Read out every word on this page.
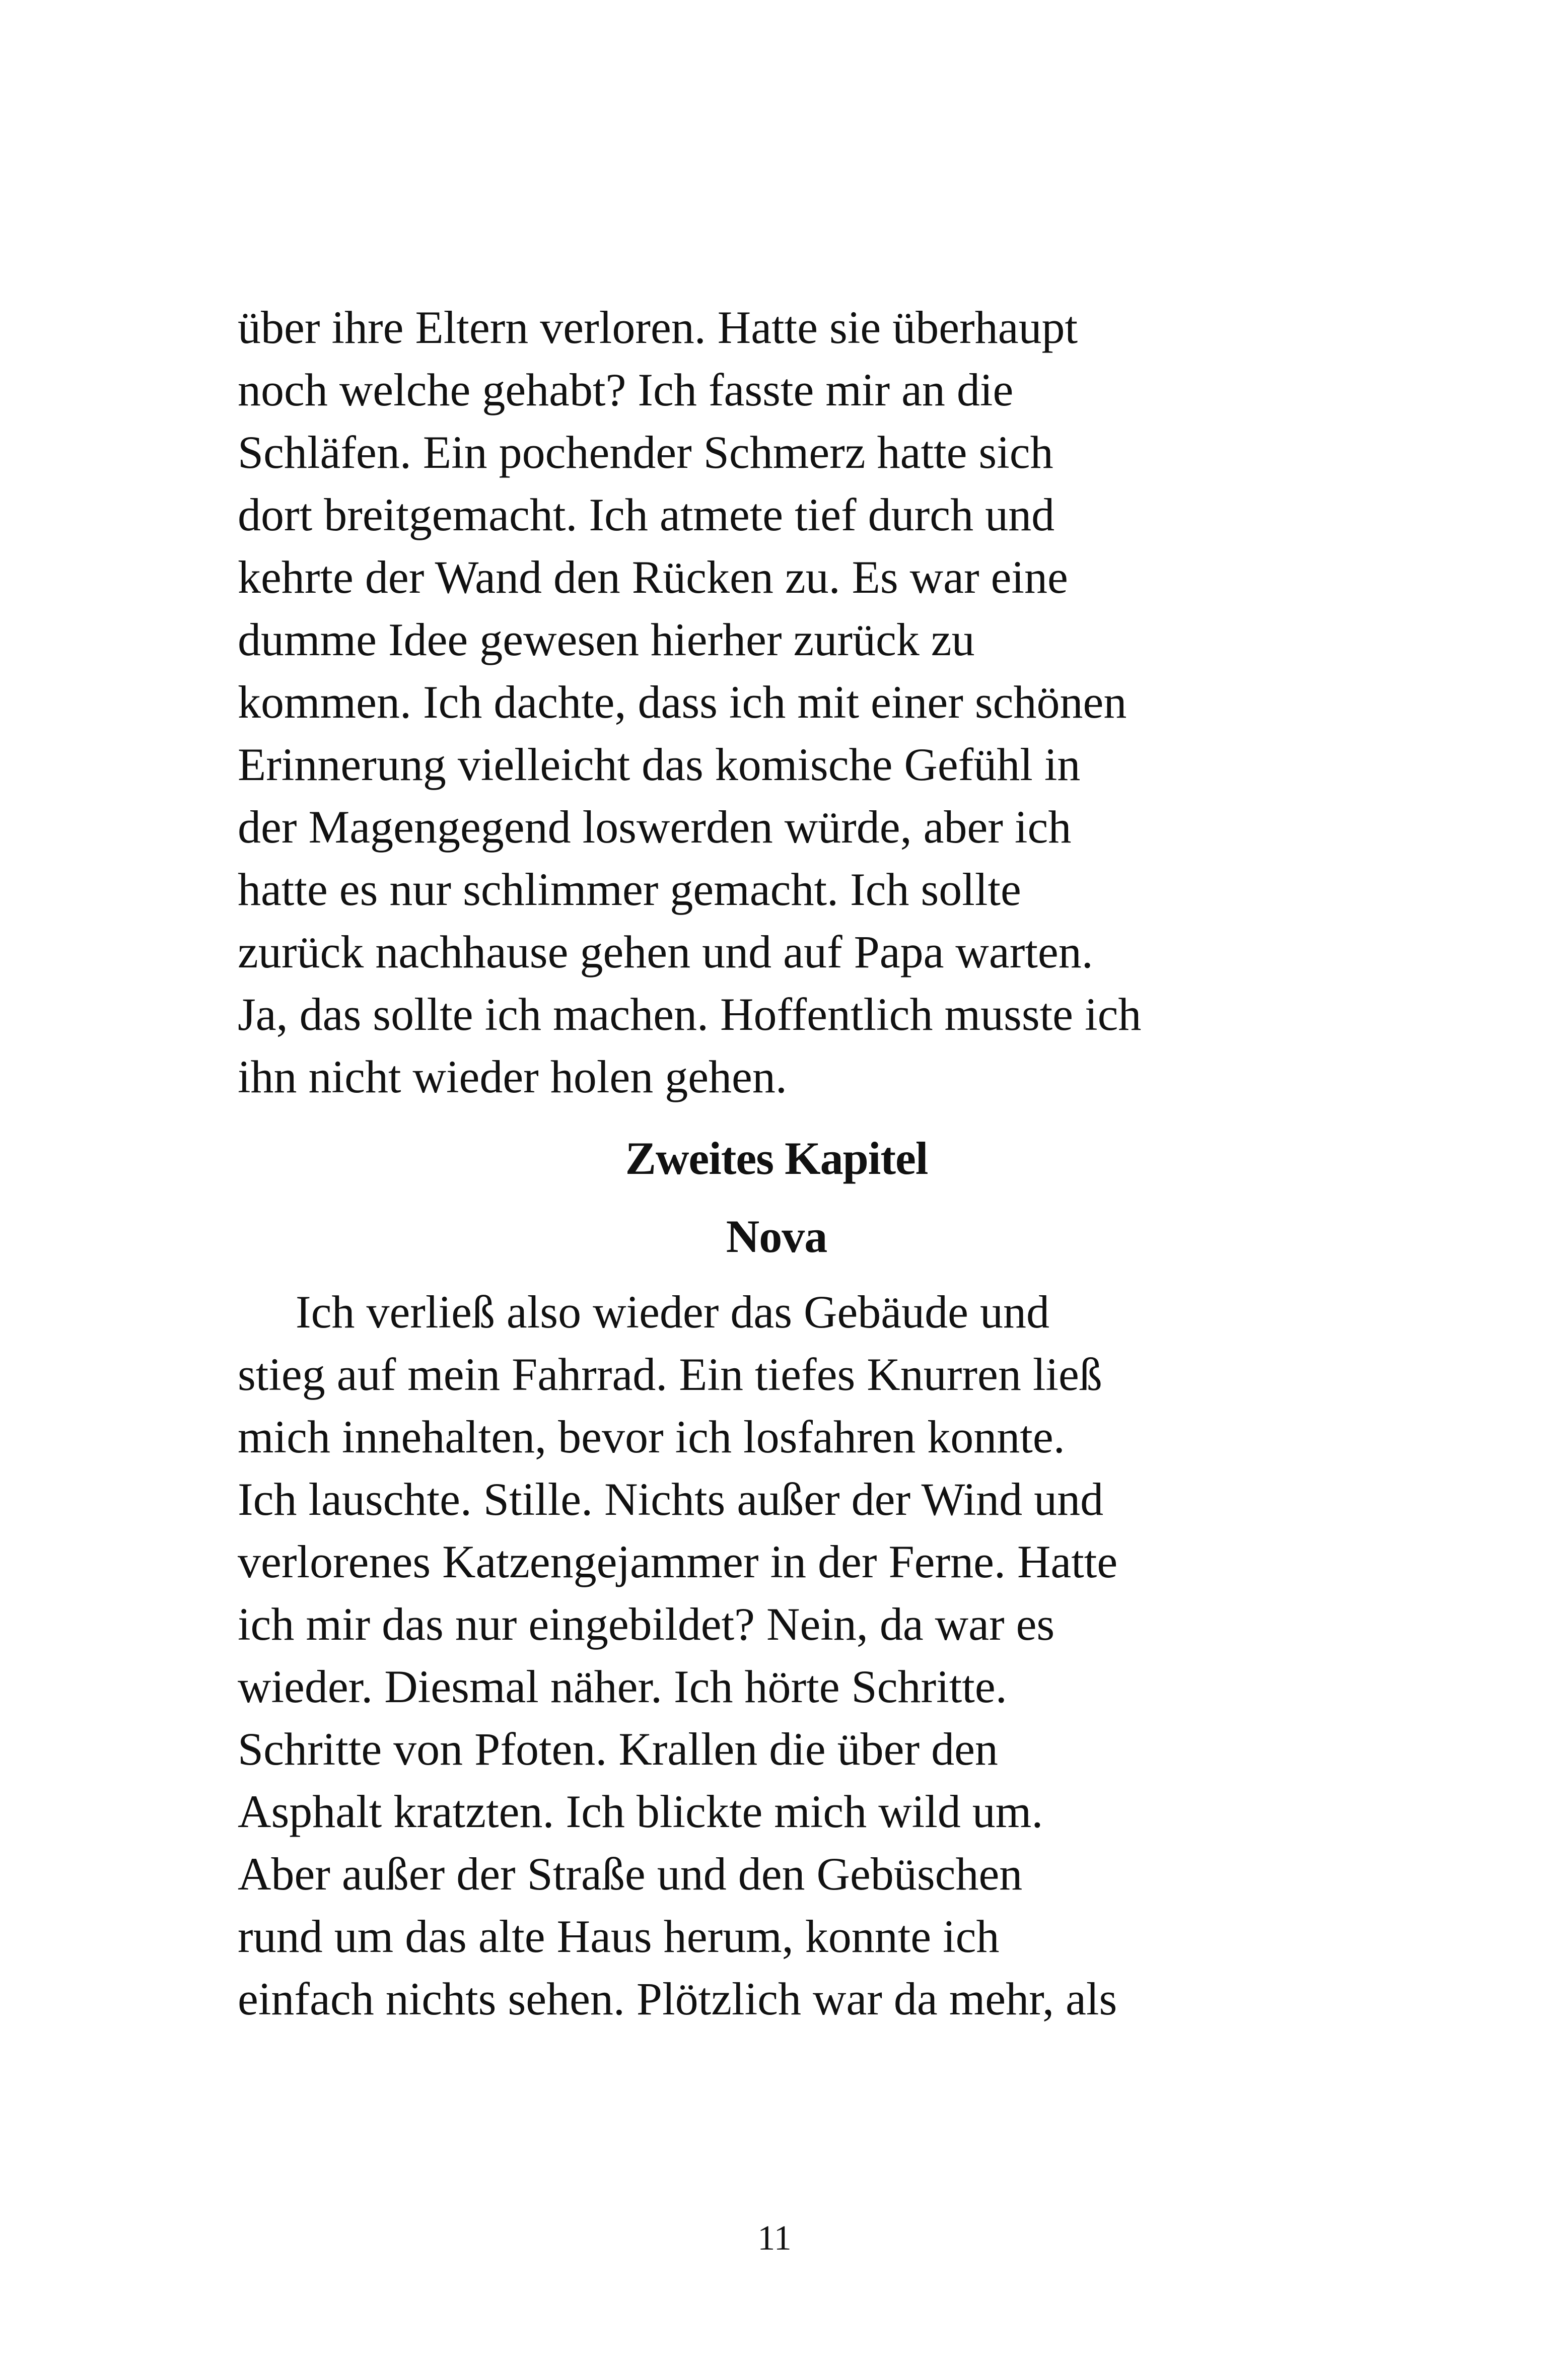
über ihre Eltern verloren. Hatte sie überhaupt
noch welche gehabt? Ich fasste mir an die
Schläfen. Ein pochender Schmerz hatte sich
dort breitgemacht. Ich atmete tief durch und
kehrte der Wand den Rücken zu. Es war eine
dumme Idee gewesen hierher zurück zu
kommen. Ich dachte, dass ich mit einer schönen
Erinnerung vielleicht das komische Gefühl in
der Magengegend loswerden würde, aber ich
hatte es nur schlimmer gemacht. Ich sollte
zurück nachhause gehen und auf Papa warten.
Ja, das sollte ich machen. Hoffentlich musste ich
ihn nicht wieder holen gehen.

Zweites Kapitel
Nova

Ich verließ also wieder das Gebäude und
stieg auf mein Fahrrad. Ein tiefes Knurren ließ
mich innehalten, bevor ich losfahren konnte.
Ich lauschte. Stille. Nichts außer der Wind und
verlorenes Katzengejammer in der Ferne. Hatte
ich mir das nur eingebildet? Nein, da war es
wieder. Diesmal näher. Ich hörte Schritte.
Schritte von Pfoten. Krallen die über den
Asphalt kratzten. Ich blickte mich wild um.
Aber außer der Straße und den Gebüschen
rund um das alte Haus herum, konnte ich
einfach nichts sehen. Plötzlich war da mehr, als

11
